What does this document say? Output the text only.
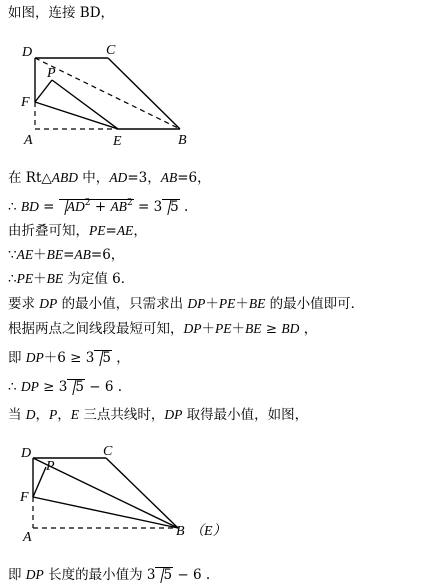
如图，连接 BD，
D	C
P
F
A	E	B
在 Rt△ABD 中，AD=3，AB=6，
∴ BD = $AD^2 + AB^2 = 3$ 5 .
由折叠可知，PE=AE，
∵AE＋BE=AB=6，
∴PE＋BE 为定值 6．
要求 DP 的最小值，只需求出 DP＋PE＋BE 的最小值即可．
根据两点之间线段最短可知，DP＋PE＋BE ≥ BD ，
即 DP＋6 ≥ 3 5 ，
∴ DP ≥ 3 5 − 6 .
当 D，P，E 三点共线时，DP 取得最小值，如图，
D	C
P
F
A	B （E）
即 DP 长度的最小值为 3 5 − 6 .
